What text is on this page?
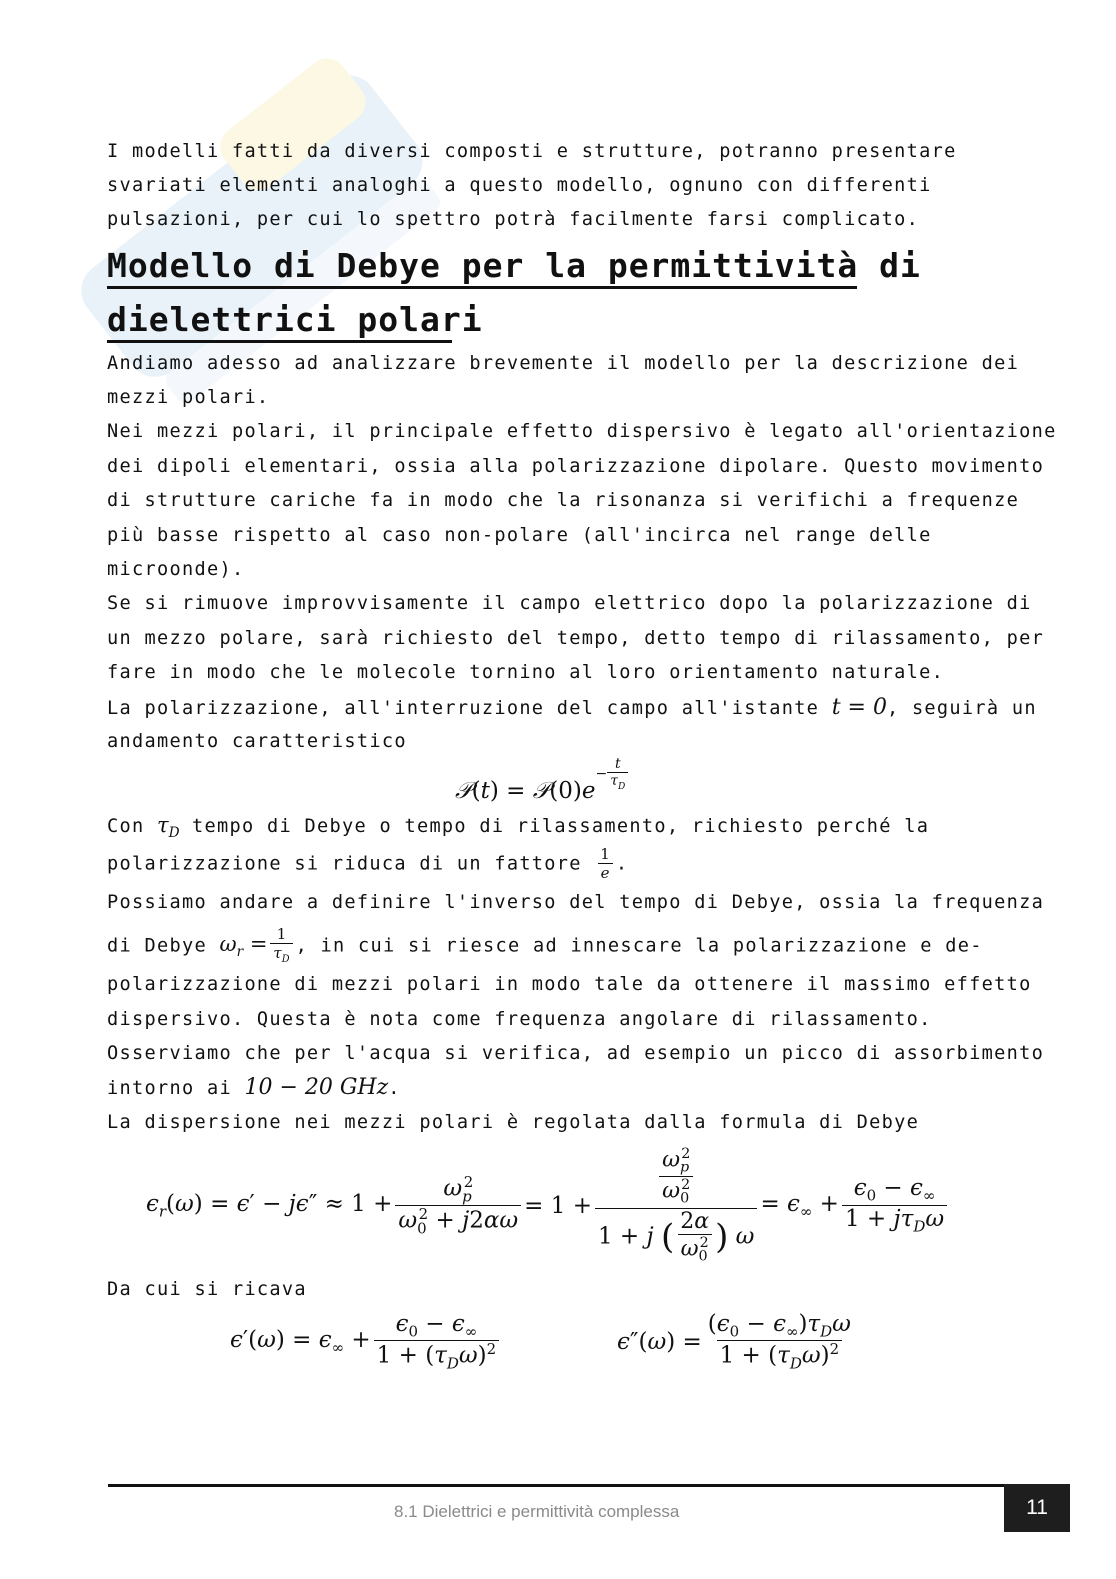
I modelli fatti da diversi composti e strutture, potranno presentare
svariati elementi analoghi a questo modello, ognuno con differenti
pulsazioni, per cui lo spettro potrà facilmente farsi complicato.
Modello di Debye per la permittività di
dielettrici polari
Andiamo adesso ad analizzare brevemente il modello per la descrizione dei
mezzi polari.
Nei mezzi polari, il principale effetto dispersivo è legato all'orientazione
dei dipoli elementari, ossia alla polarizzazione dipolare. Questo movimento
di strutture cariche fa in modo che la risonanza si verifichi a frequenze
più basse rispetto al caso non-polare (all'incirca nel range delle
microonde).
Se si rimuove improvvisamente il campo elettrico dopo la polarizzazione di
un mezzo polare, sarà richiesto del tempo, detto tempo di rilassamento, per
fare in modo che le molecole tornino al loro orientamento naturale.
La polarizzazione, all'interruzione del campo all'istante t = 0, seguirà un
andamento caratteristico
𝒫(t) = 𝒫(0)e− $\frac{t}{\tau_D}$
Con $\tau_D$ tempo di Debye o tempo di rilassamento, richiesto perché la
polarizzazione si riduca di un fattore $\frac{1}{e}$ .
Possiamo andare a definire l'inverso del tempo di Debye, ossia la frequenza
di Debye $\omega_r = \frac{1}{\tau_D}$ , in cui si riesce ad innescare la polarizzazione e de-
polarizzazione di mezzi polari in modo tale da ottenere il massimo effetto
dispersivo. Questa è nota come frequenza angolare di rilassamento.
Osserviamo che per l'acqua si verifica, ad esempio un picco di assorbimento
intorno ai 10 − 20 GHz.
La dispersione nei mezzi polari è regolata dalla formula di Debye
$\epsilon_r(\omega) = \epsilon' - j\epsilon'' \approx 1 + \frac{\omega_p^2}{\omega_0^2 + j2\alpha\omega} = 1 + \frac{\frac{\omega_p^2}{\omega_0^2}}{1 + j ( \frac{2\alpha}{\omega_0^2} ) \omega} = \epsilon_\infty + \frac{\epsilon_0 - \epsilon_\infty}{1 + j\tau_D\omega}$
Da cui si ricava
$\epsilon'(\omega) = \epsilon_\infty + \frac{\epsilon_0 - \epsilon_\infty}{1 + (\tau_D\omega)^2}$	$\epsilon''(\omega) = \frac{(\epsilon_0 - \epsilon_\infty)\tau_D\omega}{1 + (\tau_D\omega)^2}$
8.1 Dielettrici e permittività complessa	11
